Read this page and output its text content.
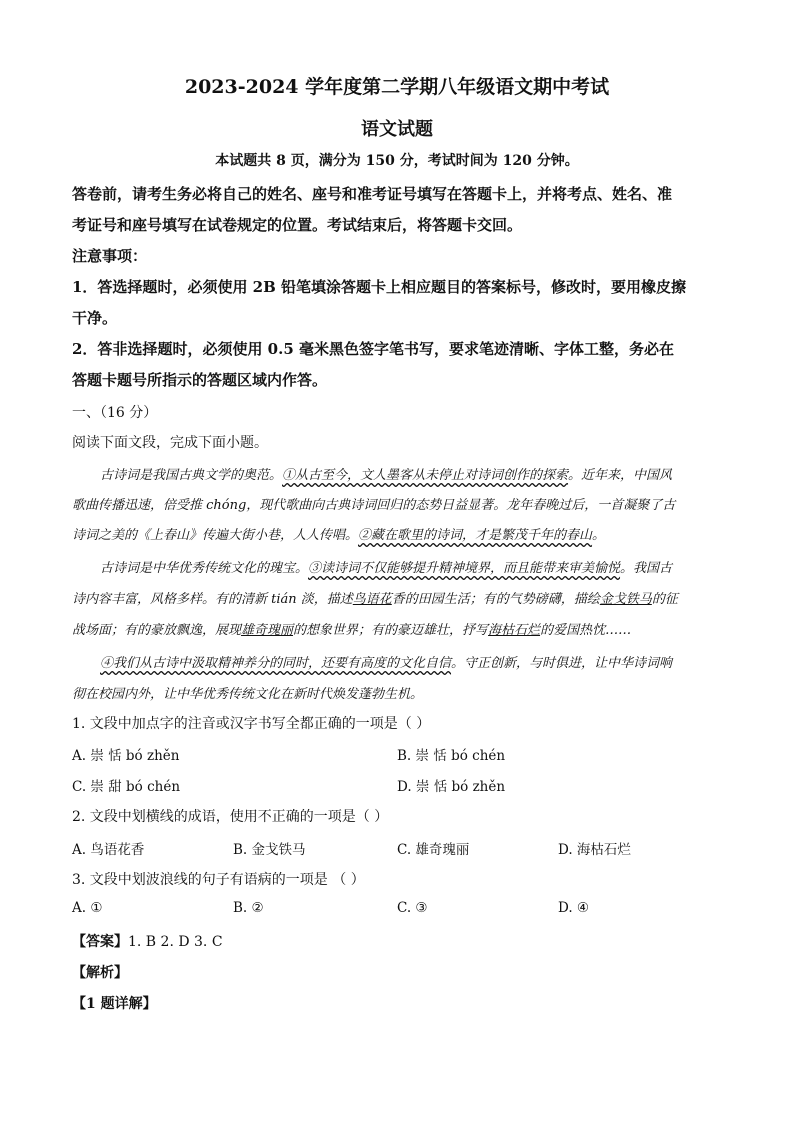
2023-2024 学年度第二学期八年级语文期中考试
语文试题
本试题共 8 页，满分为 150 分，考试时间为 120 分钟。
答卷前，请考生务必将自己的姓名、座号和准考证号填写在答题卡上，并将考点、姓名、准
考证号和座号填写在试卷规定的位置。考试结束后，将答题卡交回。
注意事项：
1．答选择题时，必须使用 2B 铅笔填涂答题卡上相应题目的答案标号，修改时，要用橡皮擦
干净。
2．答非选择题时，必须使用 0.5 毫米黑色签字笔书写，要求笔迹清晰、字体工整，务必在
答题卡题号所指示的答题区域内作答。
一、（16 分）
阅读下面文段，完成下面小题。
古诗词是我国古典文学的奥范。①从古至今，文人墨客从未停止对诗词创作的探索。近年来，中国风
歌曲传播迅速，倍受推 chóng，现代歌曲向古典诗词回归的态势日益显著。龙年春晚过后，一首凝聚了古
诗词之美的《上春山》传遍大街小巷，人人传唱。②藏在歌里的诗词，才是繁茂千年的春山。
古诗词是中华优秀传统文化的瑰宝。③读诗词不仅能够提升精神境界，而且能带来审美愉悦。我国古
诗内容丰富，风格多样。有的清新 tián 淡，描述鸟语花香的田园生活；有的气势磅礴，描绘金戈铁马的征
战场面；有的豪放飘逸，展现雄奇瑰丽的想象世界；有的豪迈雄壮，抒写海枯石烂的爱国热忱……
④我们从古诗中汲取精神养分的同时，还要有高度的文化自信。守正创新，与时俱进，让中华诗词响
彻在校园内外，让中华优秀传统文化在新时代焕发蓬勃生机。
1. 文段中加点字的注音或汉字书写全都正确的一项是（ ）
A. 崇 恬 bó zhěn	B. 崇 恬 bó chén
C. 崇 甜 bó chén	D. 崇 恬 bó zhěn
2. 文段中划横线的成语，使用不正确的一项是（ ）
A. 鸟语花香	B. 金戈铁马	C. 雄奇瑰丽	D. 海枯石烂
3. 文段中划波浪线的句子有语病的一项是 （ ）
A. ①	B. ②	C. ③	D. ④
【答案】1. B 2. D 3. C
【解析】
【1 题详解】
